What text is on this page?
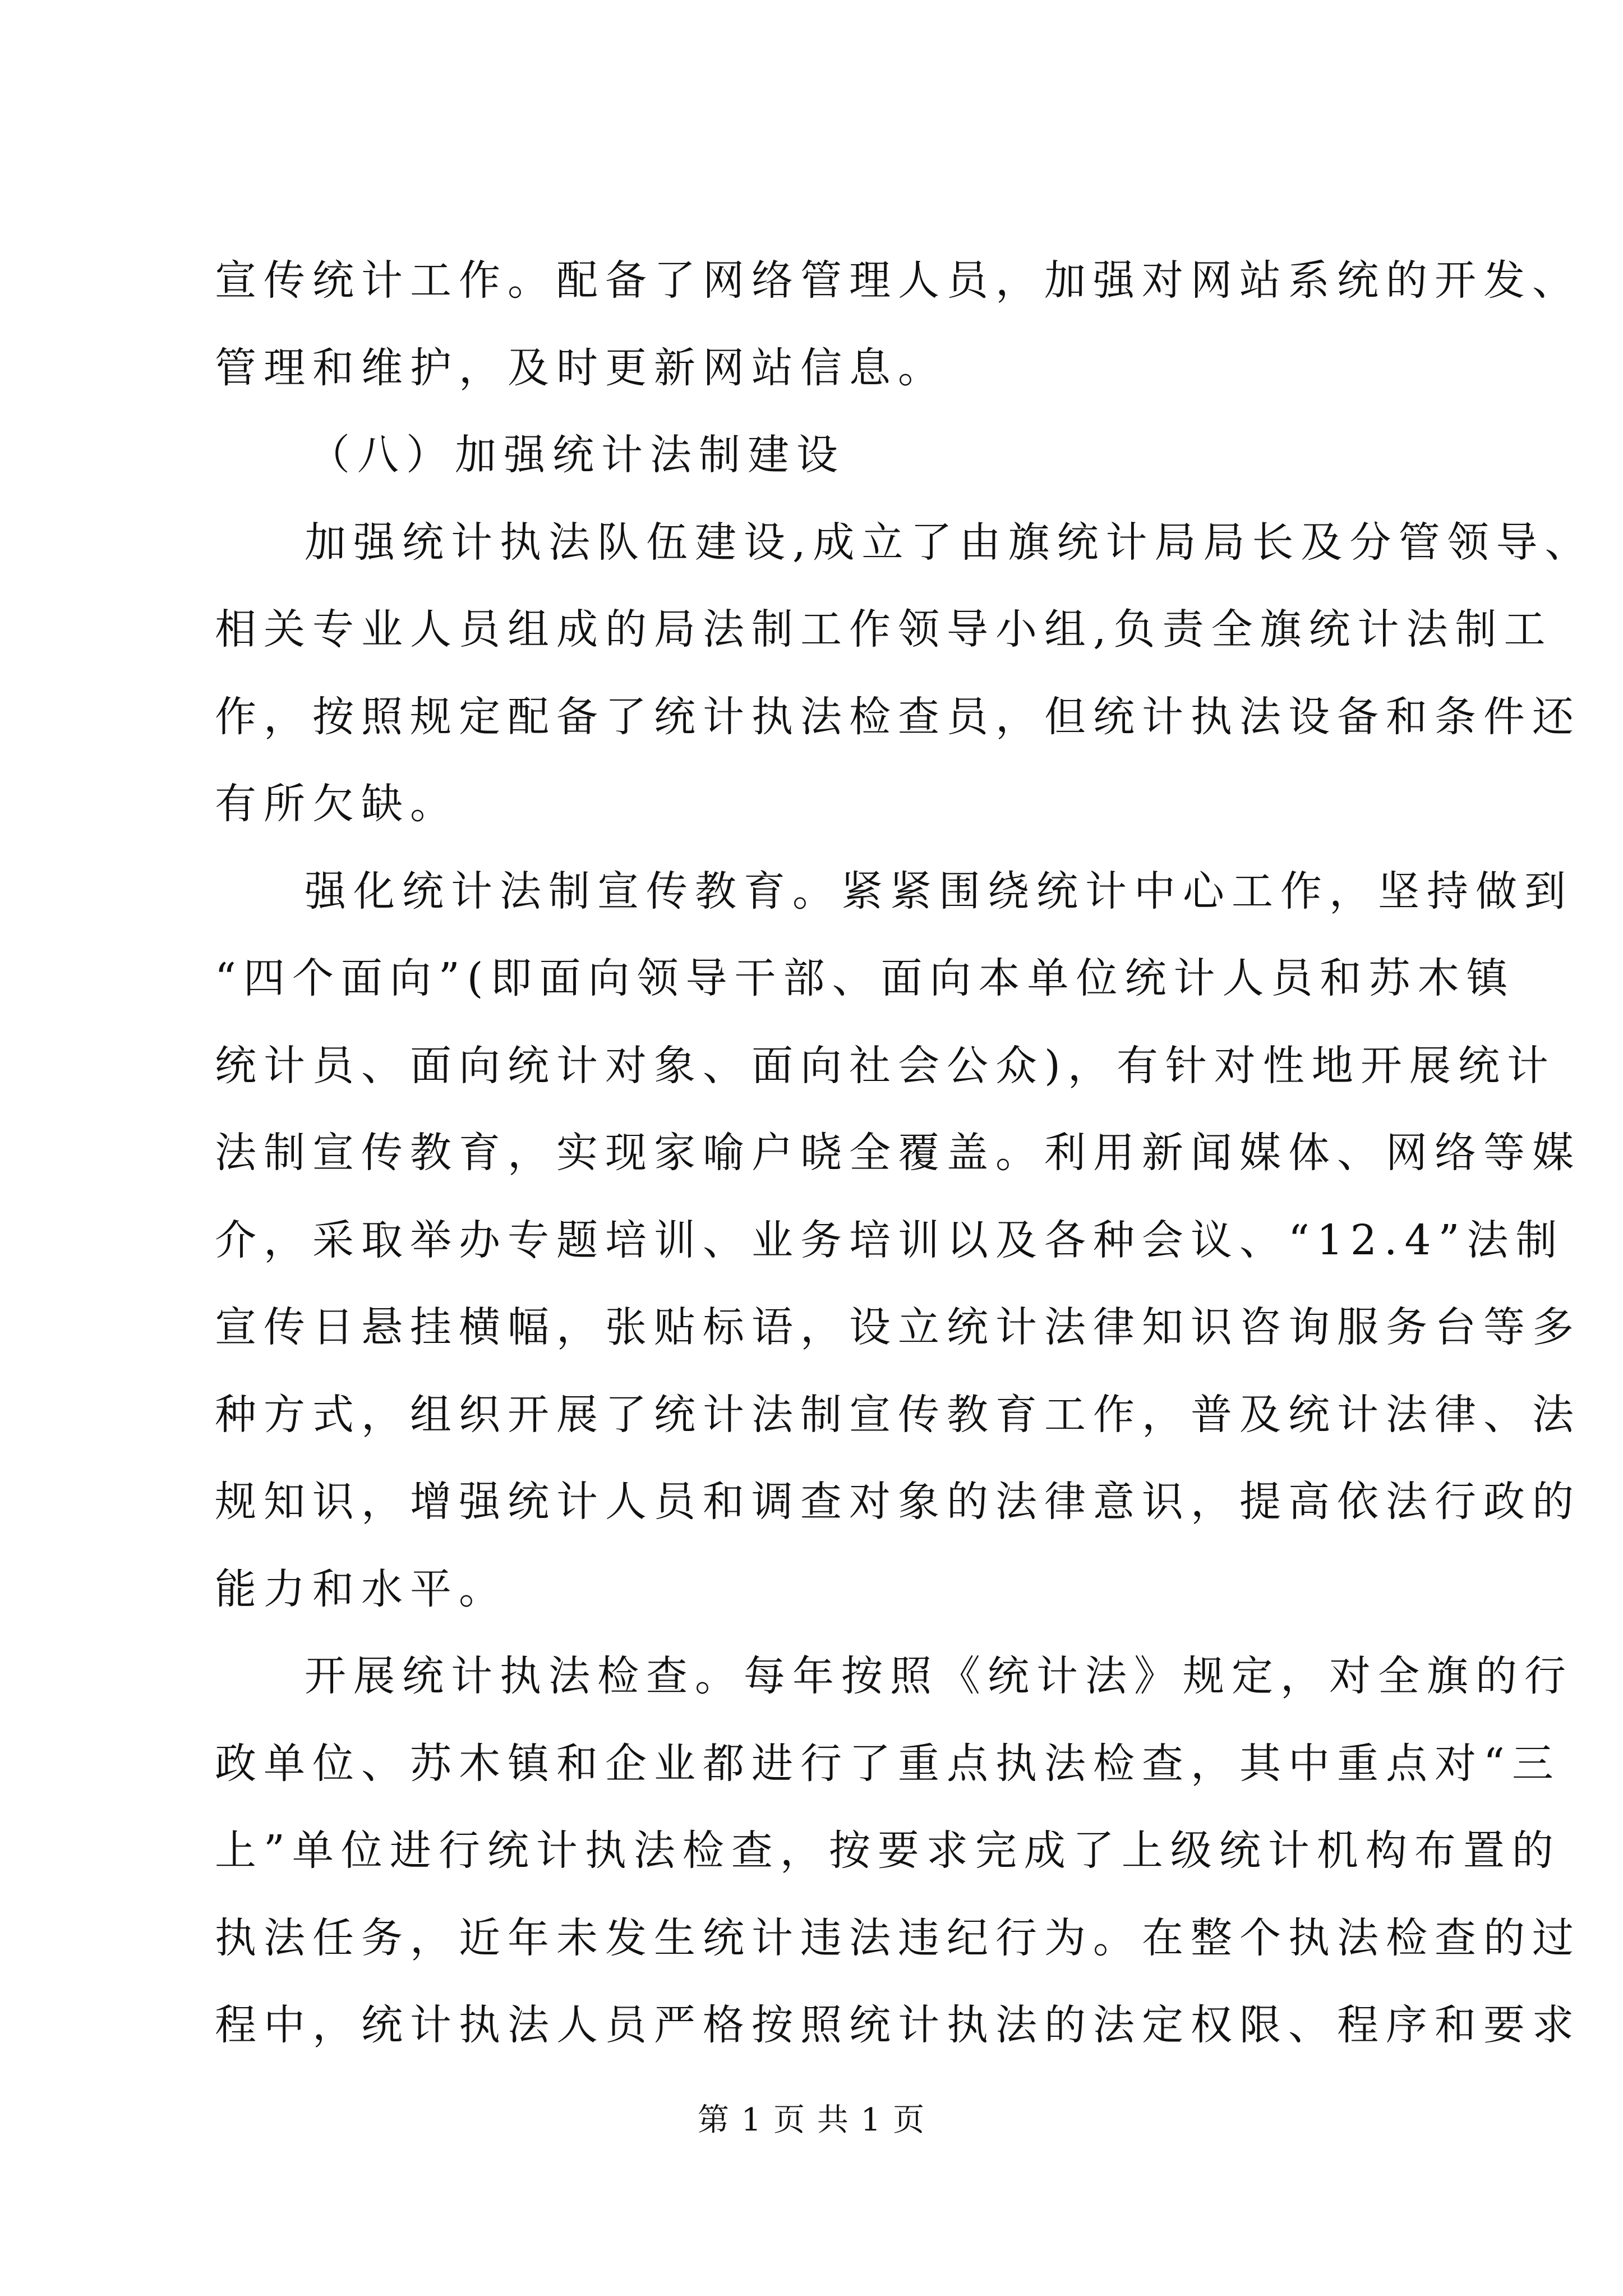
宣传统计工作。配备了网络管理人员，加强对网站系统的开发、
管理和维护，及时更新网站信息。
（八）加强统计法制建设
加强统计执法队伍建设,成立了由旗统计局局长及分管领导、
相关专业人员组成的局法制工作领导小组,负责全旗统计法制工
作，按照规定配备了统计执法检查员，但统计执法设备和条件还
有所欠缺。
强化统计法制宣传教育。紧紧围绕统计中心工作，坚持做到
“四个面向”(即面向领导干部、面向本单位统计人员和苏木镇
统计员、面向统计对象、面向社会公众)，有针对性地开展统计
法制宣传教育，实现家喻户晓全覆盖。利用新闻媒体、网络等媒
介，采取举办专题培训、业务培训以及各种会议、“12.4”法制
宣传日悬挂横幅，张贴标语，设立统计法律知识咨询服务台等多
种方式，组织开展了统计法制宣传教育工作，普及统计法律、法
规知识，增强统计人员和调查对象的法律意识，提高依法行政的
能力和水平。
开展统计执法检查。每年按照《统计法》规定，对全旗的行
政单位、苏木镇和企业都进行了重点执法检查，其中重点对“三
上”单位进行统计执法检查，按要求完成了上级统计机构布置的
执法任务，近年未发生统计违法违纪行为。在整个执法检查的过
程中，统计执法人员严格按照统计执法的法定权限、程序和要求
第 1 页 共 1 页
